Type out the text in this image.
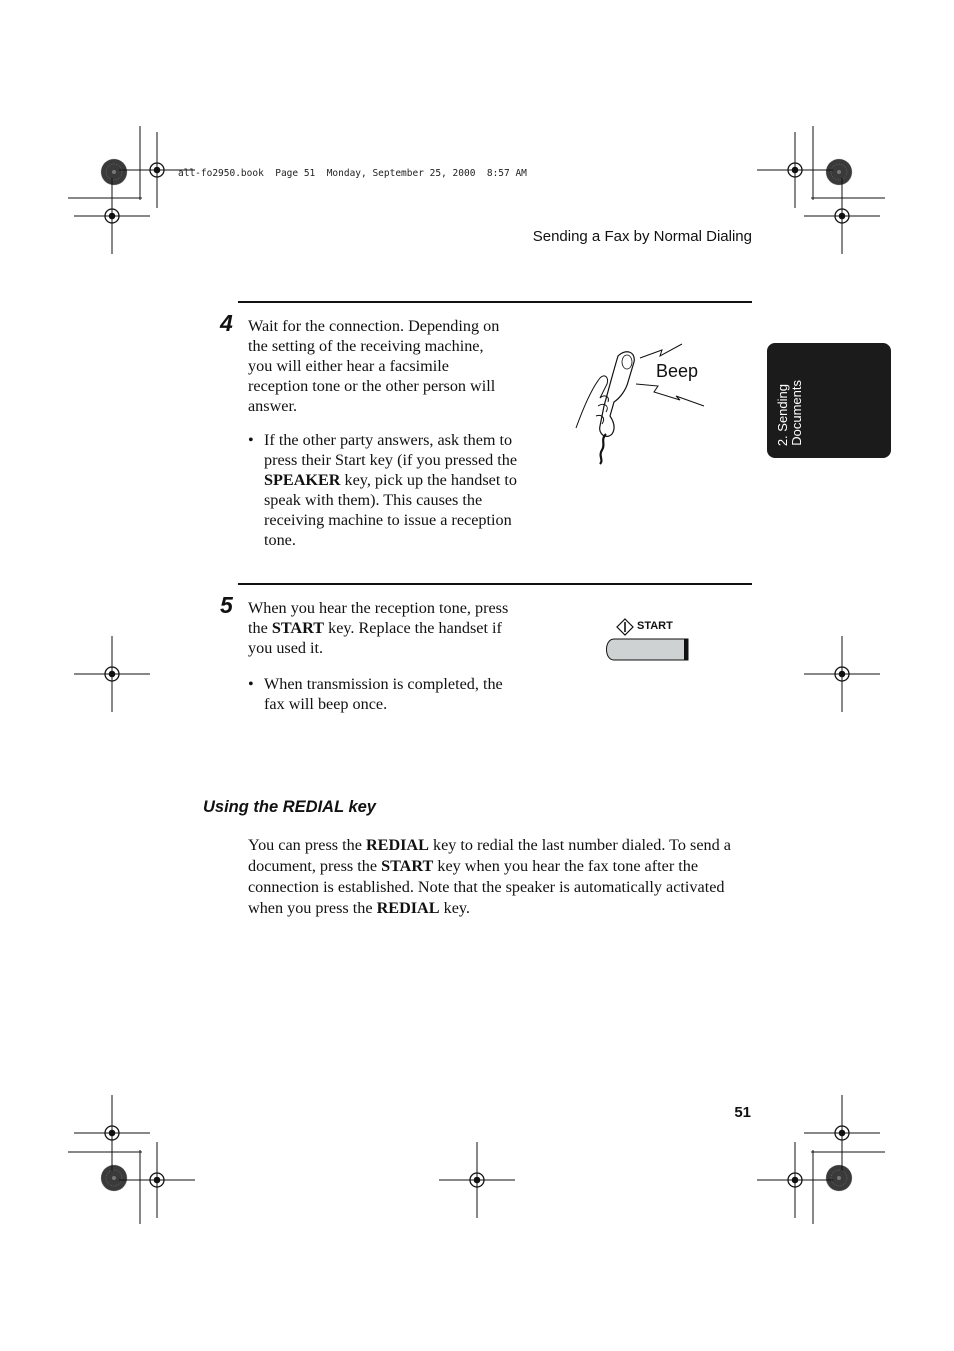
all-fo2950.book  Page 51  Monday, September 25, 2000  8:57 AM
Sending a Fax by Normal Dialing
2. Sending Documents
4 Wait for the connection. Depending on the setting of the receiving machine, you will either hear a facsimile reception tone or the other person will answer.
• If the other party answers, ask them to press their Start key (if you pressed the SPEAKER key, pick up the handset to speak with them). This causes the receiving machine to issue a reception tone.
Beep
5 When you hear the reception tone, press the START key. Replace the handset if you used it.
• When transmission is completed, the fax will beep once.
START
Using the REDIAL key
You can press the REDIAL key to redial the last number dialed. To send a document, press the START key when you hear the fax tone after the connection is established. Note that the speaker is automatically activated when you press the REDIAL key.
51
